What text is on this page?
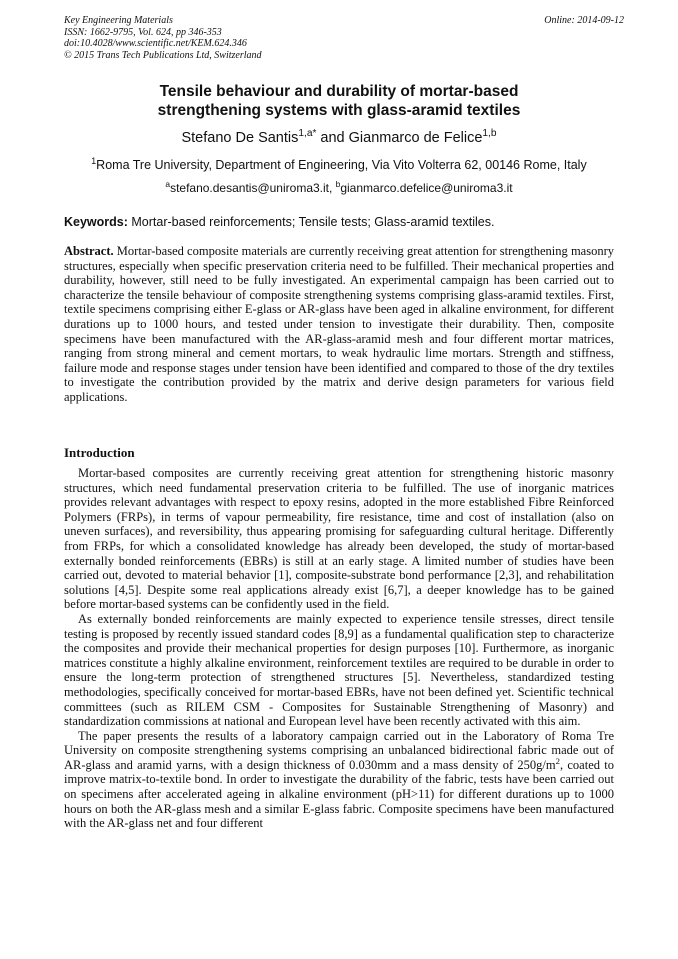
Key Engineering Materials
ISSN: 1662-9795, Vol. 624, pp 346-353
doi:10.4028/www.scientific.net/KEM.624.346
© 2015 Trans Tech Publications Ltd, Switzerland
Online: 2014-09-12
Tensile behaviour and durability of mortar-based
strengthening systems with glass-aramid textiles
Stefano De Santis$^{1,a*}$ and Gianmarco de Felice$^{1,b}$
$^1$Roma Tre University, Department of Engineering, Via Vito Volterra 62, 00146 Rome, Italy
$^a$stefano.desantis@uniroma3.it, $^b$gianmarco.defelice@uniroma3.it
Keywords: Mortar-based reinforcements; Tensile tests; Glass-aramid textiles.

Abstract. Mortar-based composite materials are currently receiving great attention for strengthening masonry structures, especially when specific preservation criteria need to be fulfilled. Their mechanical properties and durability, however, still need to be fully investigated. An experimental campaign has been carried out to characterize the tensile behaviour of composite strengthening systems comprising glass-aramid textiles. First, textile specimens comprising either E-glass or AR-glass have been aged in alkaline environment, for different durations up to 1000 hours, and tested under tension to investigate their durability. Then, composite specimens have been manufactured with the AR-glass-aramid mesh and four different mortar matrices, ranging from strong mineral and cement mortars, to weak hydraulic lime mortars. Strength and stiffness, failure mode and response stages under tension have been identified and compared to those of the dry textiles to investigate the contribution provided by the matrix and derive design parameters for various field applications.

Introduction

Mortar-based composites are currently receiving great attention for strengthening historic masonry structures, which need fundamental preservation criteria to be fulfilled. The use of inorganic matrices provides relevant advantages with respect to epoxy resins, adopted in the more established Fibre Reinforced Polymers (FRPs), in terms of vapour permeability, fire resistance, time and cost of installation (also on uneven surfaces), and reversibility, thus appearing promising for safeguarding cultural heritage. Differently from FRPs, for which a consolidated knowledge has already been developed, the study of mortar-based externally bonded reinforcements (EBRs) is still at an early stage. A limited number of studies have been carried out, devoted to material behavior [1], composite-substrate bond performance [2,3], and rehabilitation solutions [4,5]. Despite some real applications already exist [6,7], a deeper knowledge has to be gained before mortar-based systems can be confidently used in the field.

As externally bonded reinforcements are mainly expected to experience tensile stresses, direct tensile testing is proposed by recently issued standard codes [8,9] as a fundamental qualification step to characterize the composites and provide their mechanical properties for design purposes [10]. Furthermore, as inorganic matrices constitute a highly alkaline environment, reinforcement textiles are required to be durable in order to ensure the long-term protection of strengthened structures [5]. Nevertheless, standardized testing methodologies, specifically conceived for mortar-based EBRs, have not been defined yet. Scientific technical committees (such as RILEM CSM - Composites for Sustainable Strengthening of Masonry) and standardization commissions at national and European level have been recently activated with this aim.

The paper presents the results of a laboratory campaign carried out in the Laboratory of Roma Tre University on composite strengthening systems comprising an unbalanced bidirectional fabric made out of AR-glass and aramid yarns, with a design thickness of 0.030mm and a mass density of $250g/m^2$, coated to improve matrix-to-textile bond. In order to investigate the durability of the fabric, tests have been carried out on specimens after accelerated ageing in alkaline environment (pH>11) for different durations up to 1000 hours on both the AR-glass mesh and a similar E-glass fabric. Composite specimens have been manufactured with the AR-glass net and four different
